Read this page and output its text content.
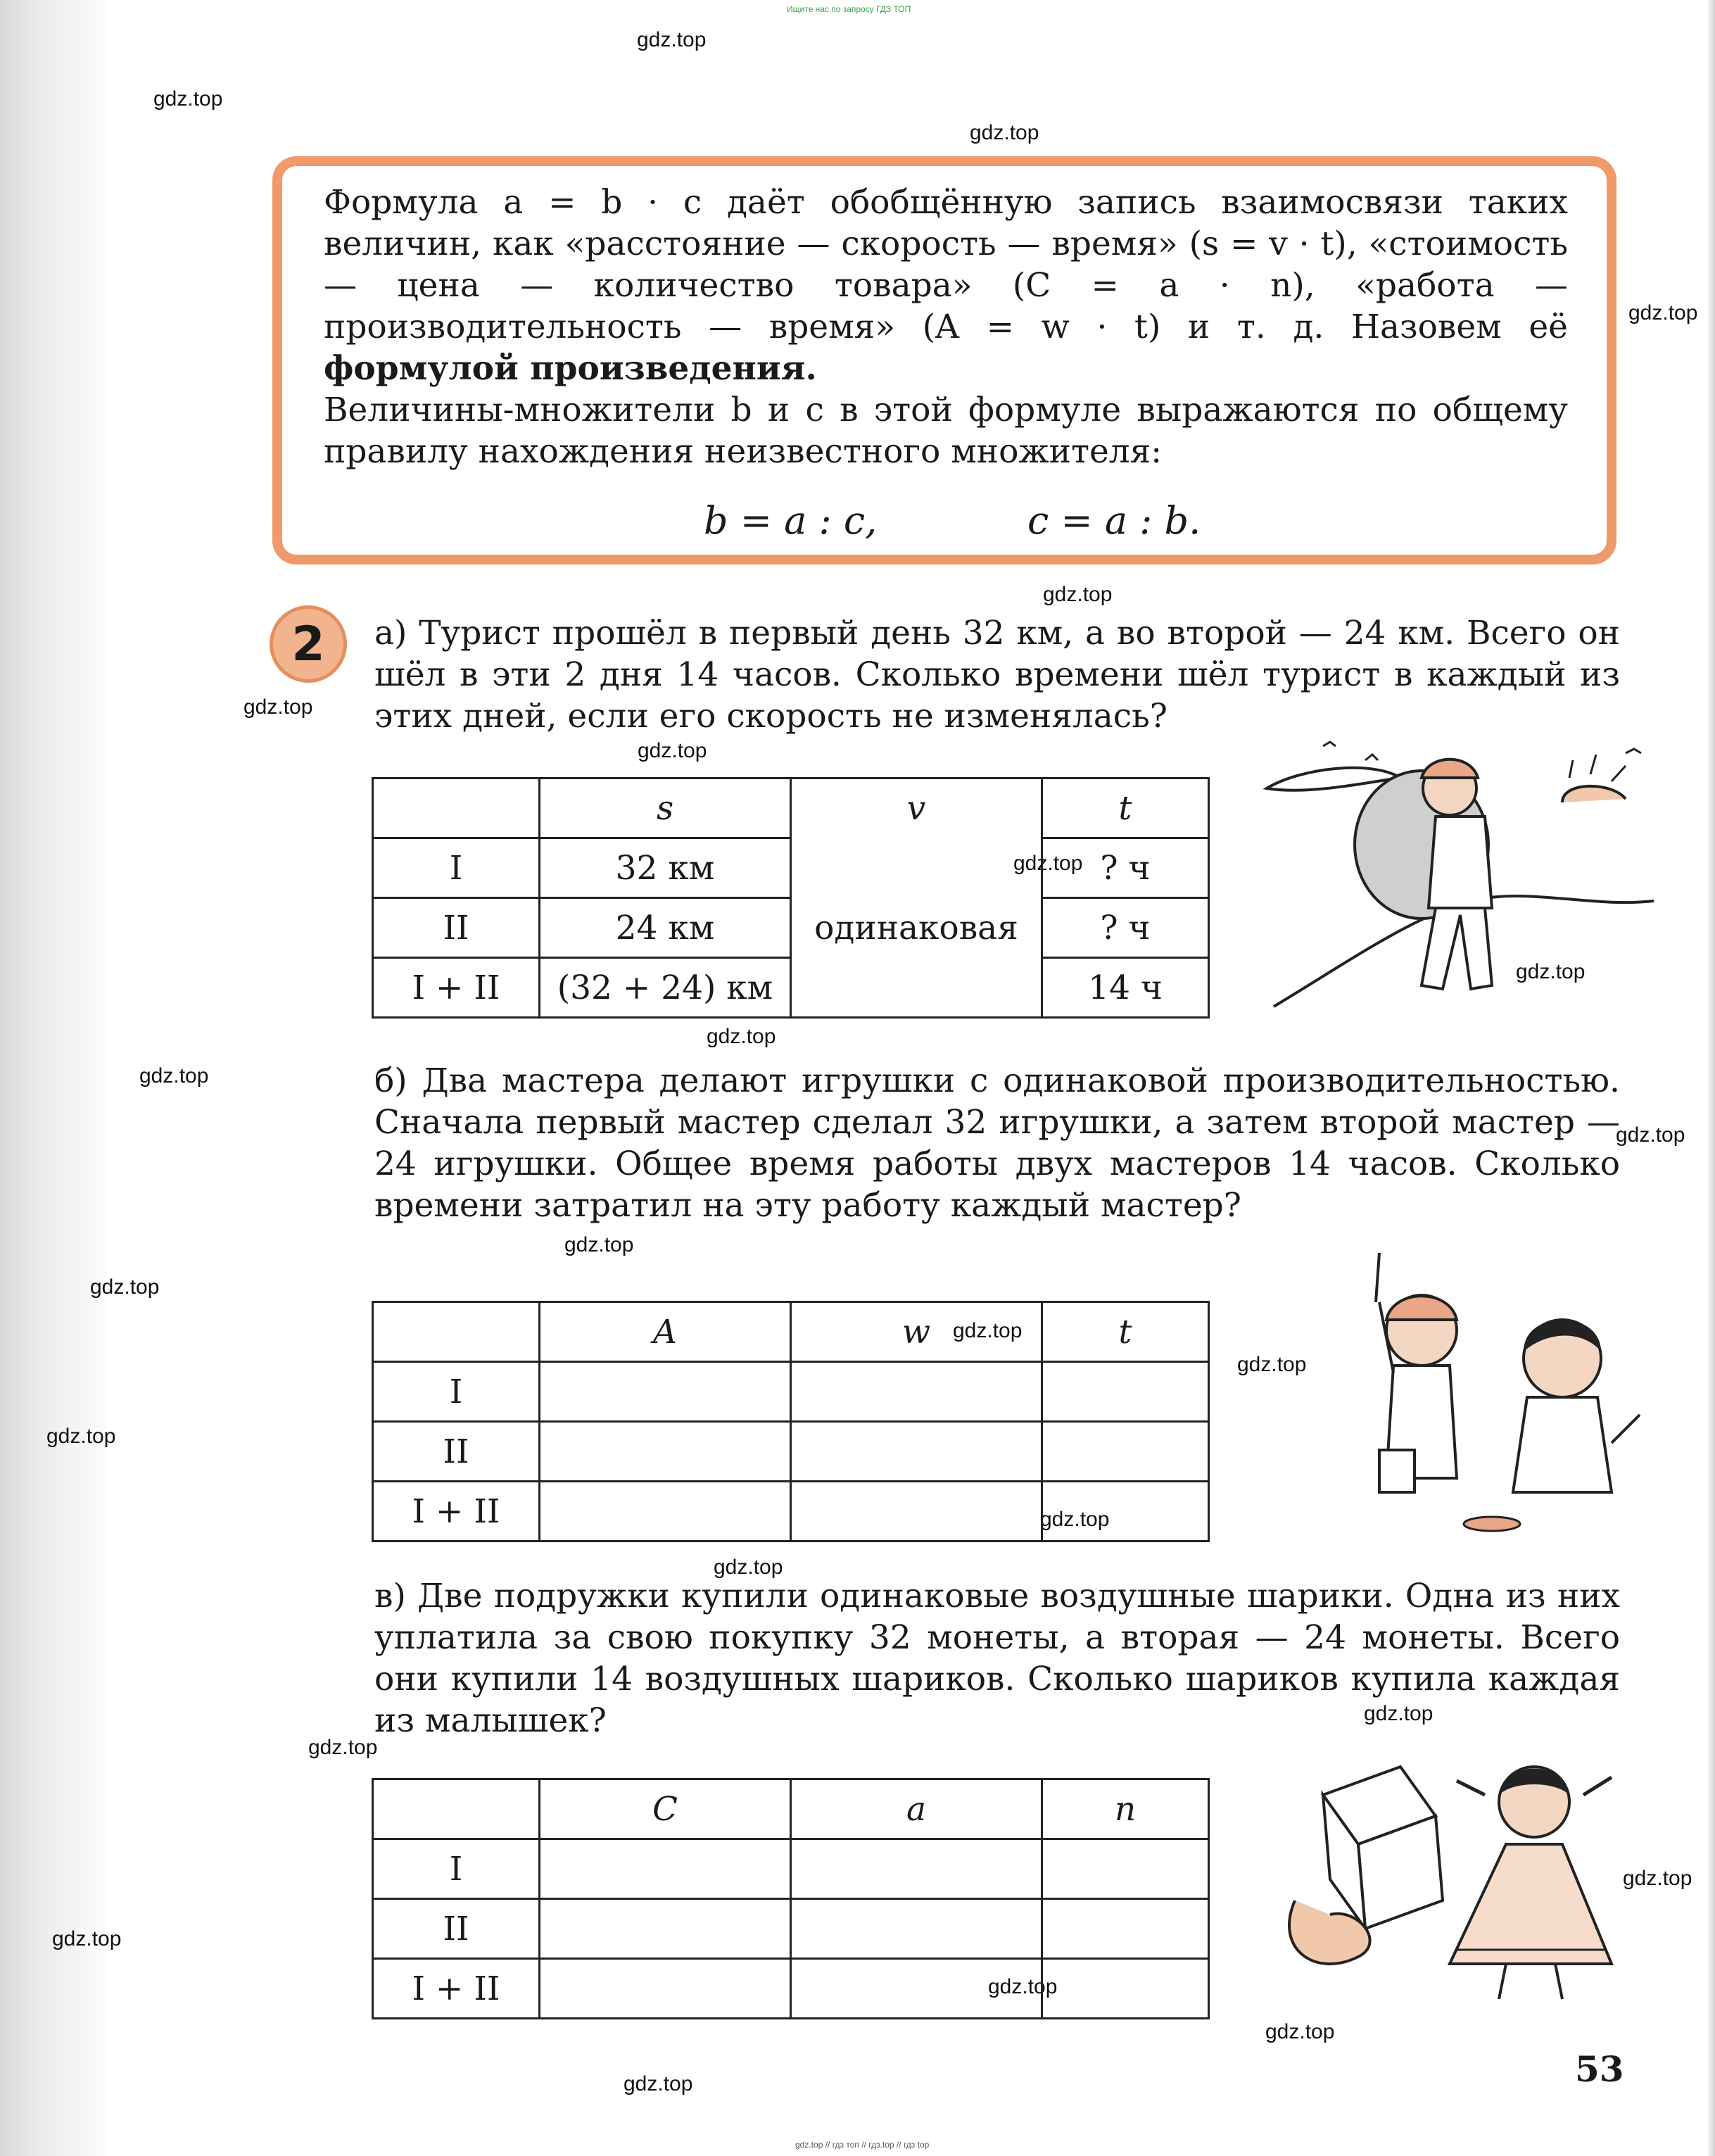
Ищите нас по запросу ГДЗ ТОП
gdz.top
gdz.top
gdz.top
gdz.top
gdz.top
gdz.top
gdz.top
gdz.top
gdz.top
gdz.top
gdz.top
gdz.top
gdz.top
gdz.top
gdz.top
gdz.top
gdz.top
gdz.top
gdz.top
gdz.top
gdz.top
gdz.top
gdz.top
gdz.top
gdz.top
gdz.top

Формула a = b · c даёт обобщённую запись взаимосвязи таких величин, как «расстояние — скорость — время» (s = v · t), «стоимость — цена — количество товара» (C = a · n), «работа — производительность — время» (A = w · t) и т. д. Назовем её формулой произведения.

Величины-множители b и c в этой формуле выражаются по общему правилу нахождения неизвестного множителя:

b = a : c,	c = a : b.
2	а) Турист прошёл в первый день 32 км, а во второй — 24 км. Всего он шёл в эти 2 дня 14 часов. Сколько времени шёл турист в каждый из этих дней, если его скорость не изменялась?

	s	v	t
I	32 км		? ч
II	24 км	одинаковая	? ч
I + II	(32 + 24) км		14 ч

б) Два мастера делают игрушки с одинаковой производительностью. Сначала первый мастер сделал 32 игрушки, а затем второй мастер — 24 игрушки. Общее время работы двух мастеров 14 часов. Сколько времени затратил на эту работу каждый мастер?

	A	w	t
I			
II			
I + II			

в) Две подружки купили одинаковые воздушные шарики. Одна из них уплатила за свою покупку 32 монеты, а вторая — 24 монеты. Всего они купили 14 воздушных шариков. Сколько шариков купила каждая из малышек?

	C	a	n
I			
II			
I + II			
53
gdz.top // гдз топ // гдз.top // гдз top
